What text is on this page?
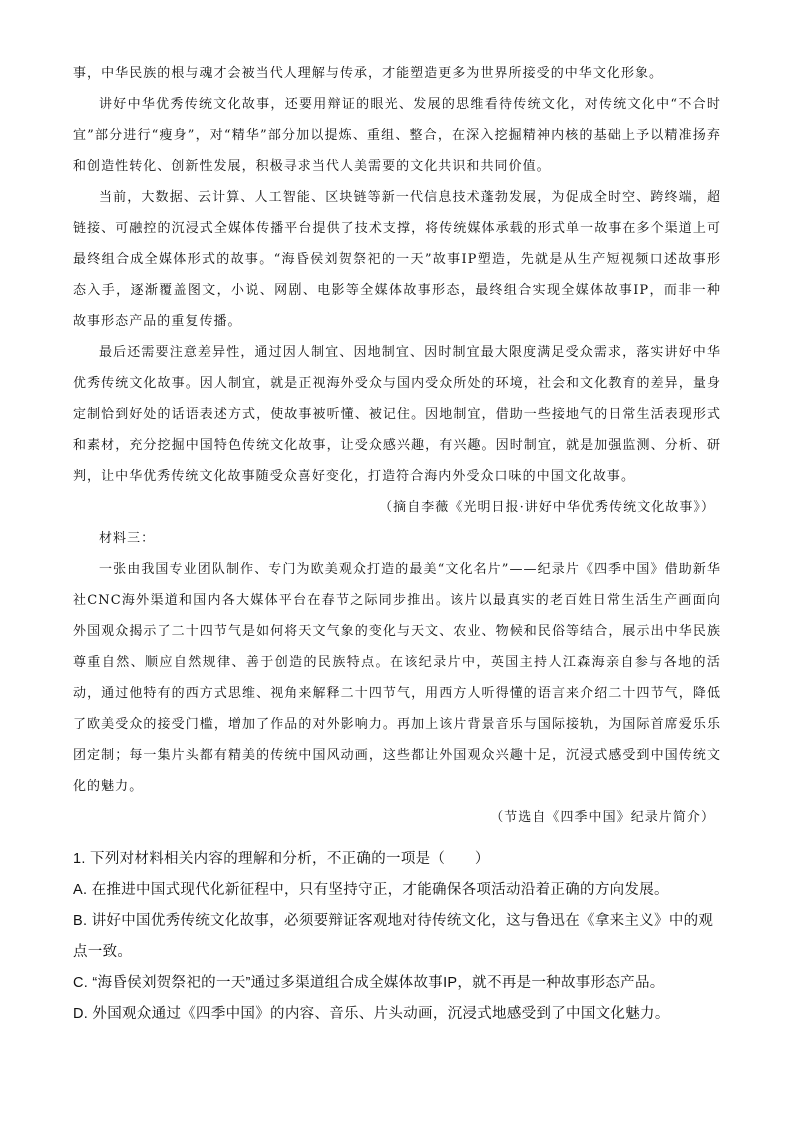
事，中华民族的根与魂才会被当代人理解与传承，才能塑造更多为世界所接受的中华文化形象。

讲好中华优秀传统文化故事，还要用辩证的眼光、发展的思维看待传统文化，对传统文化中“不合时宜”部分进行“瘦身”，对“精华”部分加以提炼、重组、整合，在深入挖掘精神内核的基础上予以精准扬弃和创造性转化、创新性发展，积极寻求当代人美需要的文化共识和共同价值。

当前，大数据、云计算、人工智能、区块链等新一代信息技术蓬勃发展，为促成全时空、跨终端，超链接、可融控的沉浸式全媒体传播平台提供了技术支撑，将传统媒体承载的形式单一故事在多个渠道上可最终组合成全媒体形式的故事。“海昏侯刘贺祭祀的一天”故事IP塑造，先就是从生产短视频口述故事形态入手，逐渐覆盖图文，小说、网剧、电影等全媒体故事形态，最终组合实现全媒体故事IP，而非一种故事形态产品的重复传播。

最后还需要注意差异性，通过因人制宜、因地制宜、因时制宜最大限度满足受众需求，落实讲好中华优秀传统文化故事。因人制宜，就是正视海外受众与国内受众所处的环境，社会和文化教育的差异，量身定制恰到好处的话语表述方式，使故事被听懂、被记住。因地制宜，借助一些接地气的日常生活表现形式和素材，充分挖掘中国特色传统文化故事，让受众感兴趣，有兴趣。因时制宜，就是加强监测、分析、研判，让中华优秀传统文化故事随受众喜好变化，打造符合海内外受众口味的中国文化故事。

（摘自李薇《光明日报·讲好中华优秀传统文化故事》）

材料三：

一张由我国专业团队制作、专门为欧美观众打造的最美“文化名片”——纪录片《四季中国》借助新华社CNC海外渠道和国内各大媒体平台在春节之际同步推出。该片以最真实的老百姓日常生活生产画面向外国观众揭示了二十四节气是如何将天文气象的变化与天文、农业、物候和民俗等结合，展示出中华民族尊重自然、顺应自然规律、善于创造的民族特点。在该纪录片中，英国主持人江森海亲自参与各地的活动，通过他特有的西方式思维、视角来解释二十四节气，用西方人听得懂的语言来介绍二十四节气，降低了欧美受众的接受门槛，增加了作品的对外影响力。再加上该片背景音乐与国际接轨，为国际首席爱乐乐团定制；每一集片头都有精美的传统中国风动画，这些都让外国观众兴趣十足，沉浸式感受到中国传统文化的魅力。

（节选自《四季中国》纪录片简介）

1. 下列对材料相关内容的理解和分析，不正确的一项是（　　）

A. 在推进中国式现代化新征程中，只有坚持守正，才能确保各项活动沿着正确的方向发展。

B. 讲好中国优秀传统文化故事，必须要辩证客观地对待传统文化，这与鲁迅在《拿来主义》中的观点一致。

C. “海昏侯刘贺祭祀的一天”通过多渠道组合成全媒体故事IP，就不再是一种故事形态产品。

D. 外国观众通过《四季中国》的内容、音乐、片头动画，沉浸式地感受到了中国文化魅力。
